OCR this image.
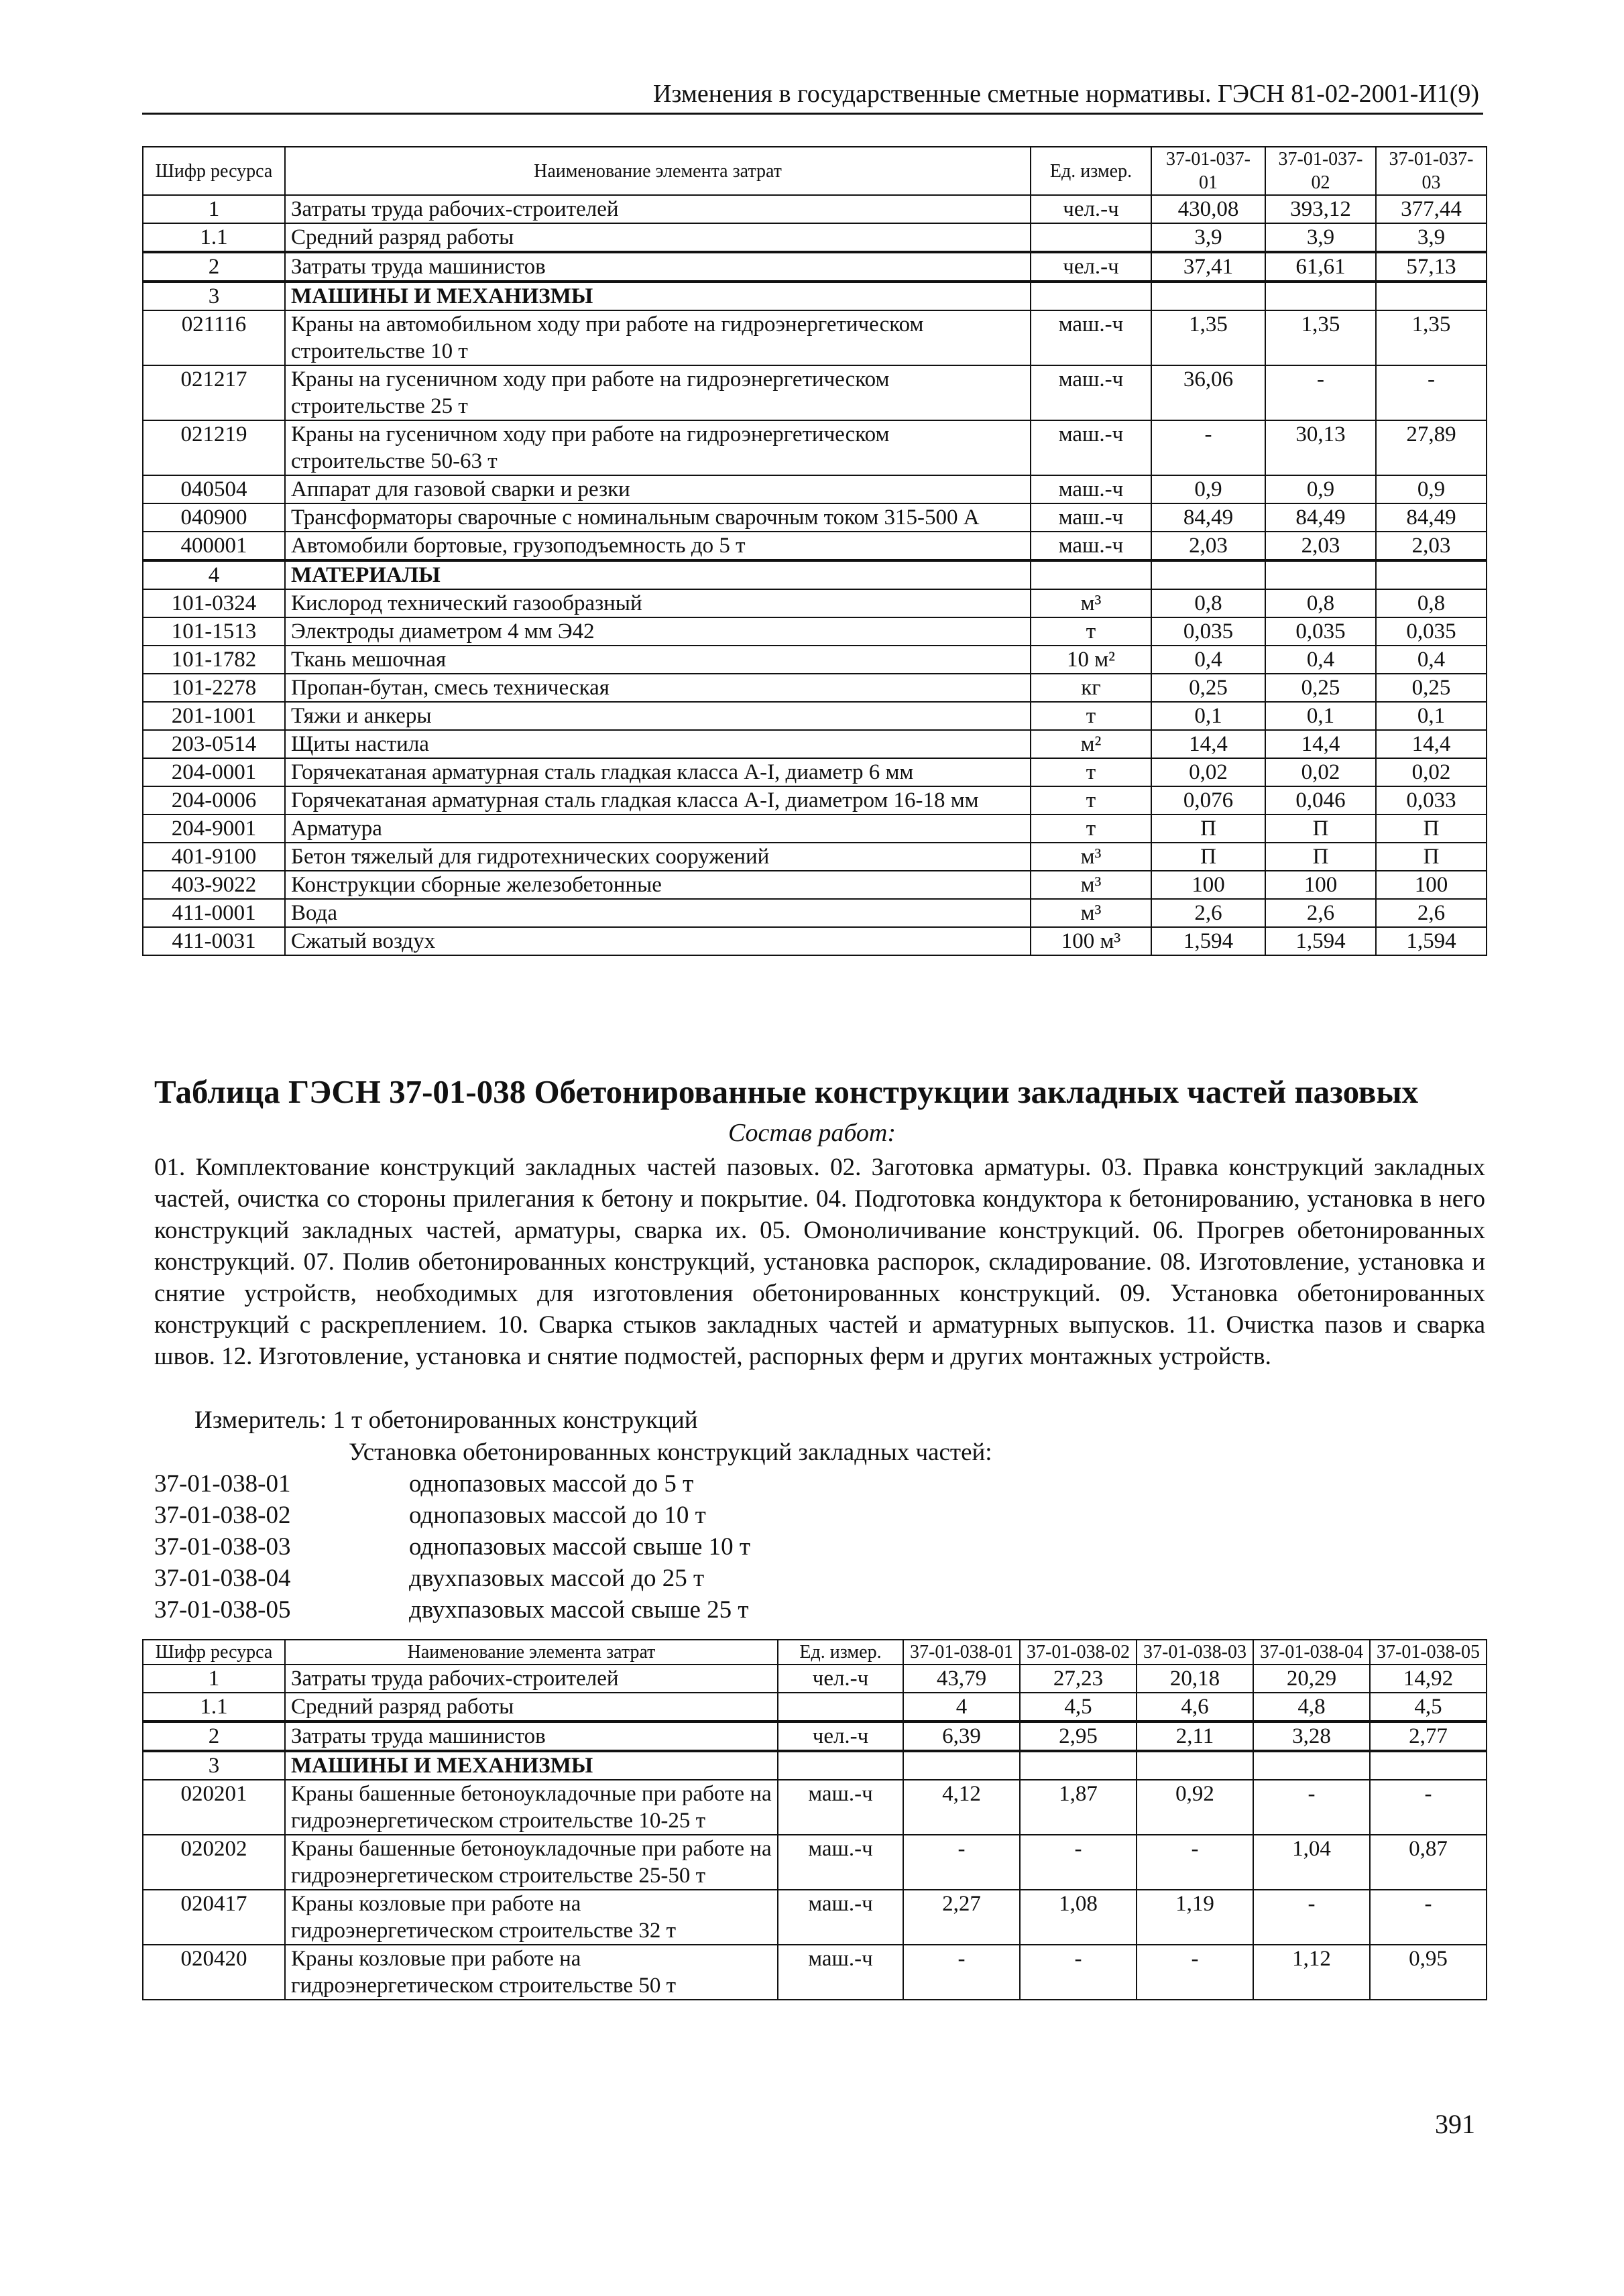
Изменения в государственные сметные нормативы. ГЭСН 81-02-2001-И1(9)
Шифр ресурса	Наименование элемента затрат	Ед. измер.	37-01-037-01	37-01-037-02	37-01-037-03
1	Затраты труда рабочих-строителей	чел.-ч	430,08	393,12	377,44
1.1	Средний разряд работы		3,9	3,9	3,9
2	Затраты труда машинистов	чел.-ч	37,41	61,61	57,13
3	МАШИНЫ И МЕХАНИЗМЫ				
021116	Краны на автомобильном ходу при работе на гидроэнергетическом строительстве 10 т	маш.-ч	1,35	1,35	1,35
021217	Краны на гусеничном ходу при работе на гидроэнергетическом строительстве 25 т	маш.-ч	36,06	-	-
021219	Краны на гусеничном ходу при работе на гидроэнергетическом строительстве 50-63 т	маш.-ч	-	30,13	27,89
040504	Аппарат для газовой сварки и резки	маш.-ч	0,9	0,9	0,9
040900	Трансформаторы сварочные с номинальным сварочным током 315-500 А	маш.-ч	84,49	84,49	84,49
400001	Автомобили бортовые, грузоподъемность до 5 т	маш.-ч	2,03	2,03	2,03
4	МАТЕРИАЛЫ				
101-0324	Кислород технический газообразный	м³	0,8	0,8	0,8
101-1513	Электроды диаметром 4 мм Э42	т	0,035	0,035	0,035
101-1782	Ткань мешочная	10 м²	0,4	0,4	0,4
101-2278	Пропан-бутан, смесь техническая	кг	0,25	0,25	0,25
201-1001	Тяжи и анкеры	т	0,1	0,1	0,1
203-0514	Щиты настила	м²	14,4	14,4	14,4
204-0001	Горячекатаная арматурная сталь гладкая класса А-I, диаметр 6 мм	т	0,02	0,02	0,02
204-0006	Горячекатаная арматурная сталь гладкая класса А-I, диаметром 16-18 мм	т	0,076	0,046	0,033
204-9001	Арматура	т	П	П	П
401-9100	Бетон тяжелый для гидротехнических сооружений	м³	П	П	П
403-9022	Конструкции сборные железобетонные	м³	100	100	100
411-0001	Вода	м³	2,6	2,6	2,6
411-0031	Сжатый воздух	100 м³	1,594	1,594	1,594
Таблица ГЭСН 37-01-038 Обетонированные конструкции закладных частей пазовых
Состав работ:
01. Комплектование конструкций закладных частей пазовых. 02. Заготовка арматуры. 03. Правка конструкций закладных частей, очистка со стороны прилегания к бетону и покрытие. 04. Подготовка кондуктора к бетонированию, установка в него конструкций закладных частей, арматуры, сварка их. 05. Омоноличивание конструкций. 06. Прогрев обетонированных конструкций. 07. Полив обетонированных конструкций, установка распорок, складирование. 08. Изготовление, установка и снятие устройств, необходимых для изготовления обетонированных конструкций. 09. Установка обетонированных конструкций с раскреплением. 10. Сварка стыков закладных частей и арматурных выпусков. 11. Очистка пазов и сварка швов. 12. Изготовление, установка и снятие подмостей, распорных ферм и других монтажных устройств.
Измеритель: 1 т обетонированных конструкций
Установка обетонированных конструкций закладных частей:
37-01-038-01	однопазовых массой до 5 т
37-01-038-02	однопазовых массой до 10 т
37-01-038-03	однопазовых массой свыше 10 т
37-01-038-04	двухпазовых массой до 25 т
37-01-038-05	двухпазовых массой свыше 25 т
Шифр ресурса	Наименование элемента затрат	Ед. измер.	37-01-038-01	37-01-038-02	37-01-038-03	37-01-038-04	37-01-038-05
1	Затраты труда рабочих-строителей	чел.-ч	43,79	27,23	20,18	20,29	14,92
1.1	Средний разряд работы		4	4,5	4,6	4,8	4,5
2	Затраты труда машинистов	чел.-ч	6,39	2,95	2,11	3,28	2,77
3	МАШИНЫ И МЕХАНИЗМЫ						
020201	Краны башенные бетоноукладочные при работе на гидроэнергетическом строительстве 10-25 т	маш.-ч	4,12	1,87	0,92	-	-
020202	Краны башенные бетоноукладочные при работе на гидроэнергетическом строительстве 25-50 т	маш.-ч	-	-	-	1,04	0,87
020417	Краны козловые при работе на гидроэнергетическом строительстве 32 т	маш.-ч	2,27	1,08	1,19	-	-
020420	Краны козловые при работе на гидроэнергетическом строительстве 50 т	маш.-ч	-	-	-	1,12	0,95
391
